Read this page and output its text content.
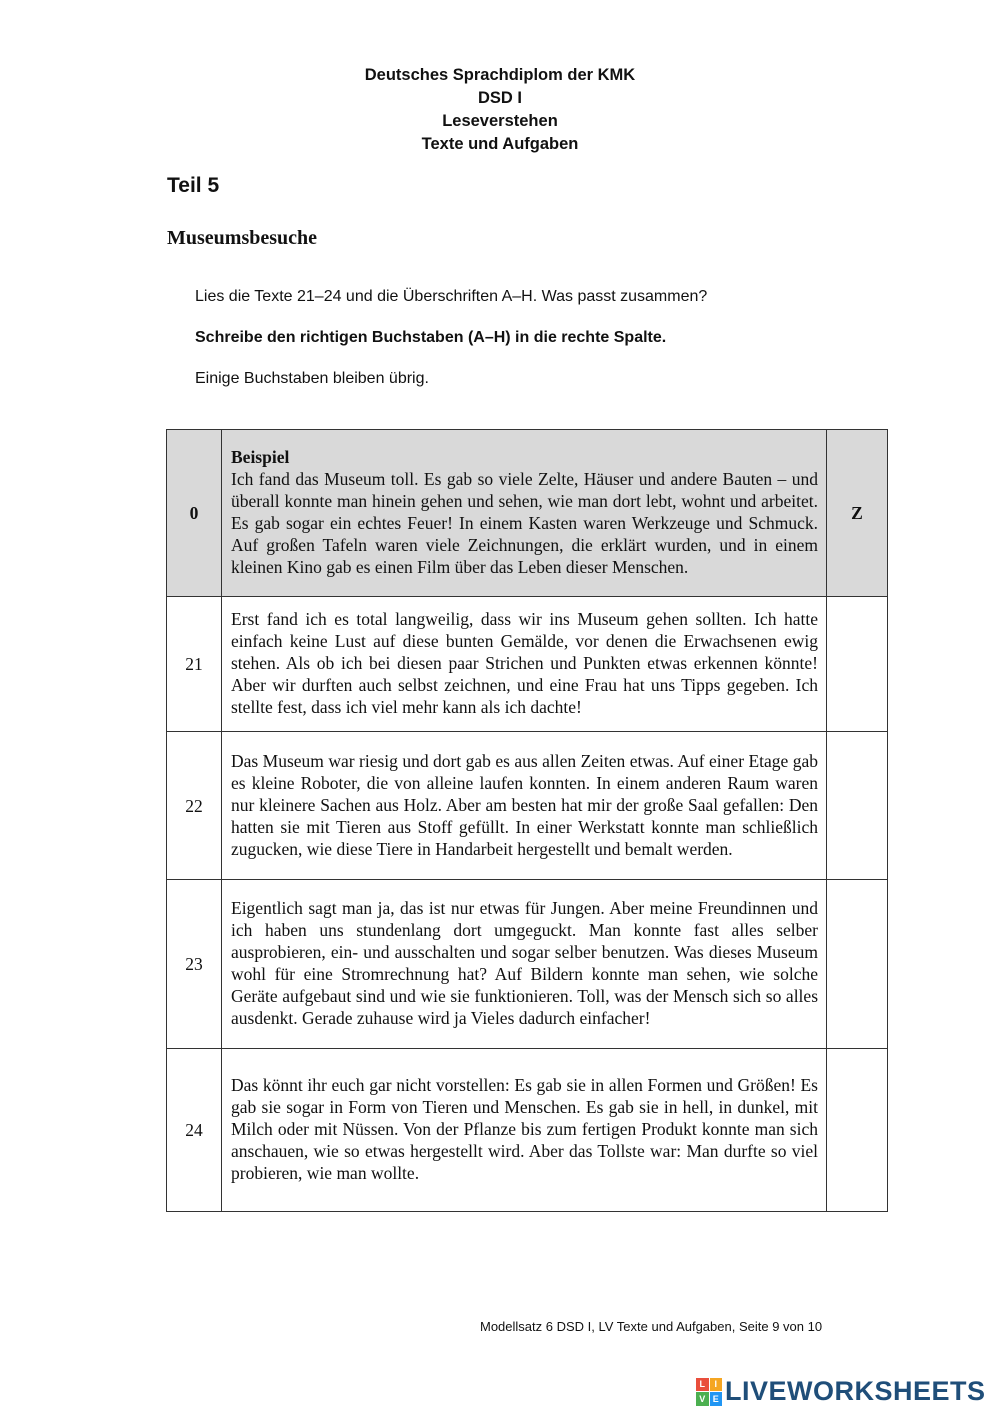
Deutsches Sprachdiplom der KMK
DSD I
Leseverstehen
Texte und Aufgaben
Teil 5
Museumsbesuche
Lies die Texte 21–24 und die Überschriften A–H. Was passt zusammen?
Schreibe den richtigen Buchstaben (A–H) in die rechte Spalte.
Einige Buchstaben bleiben übrig.
0	Beispiel
Ich fand das Museum toll. Es gab so viele Zelte, Häuser und andere Bauten – und überall konnte man hinein gehen und sehen, wie man dort lebt, wohnt und arbeitet. Es gab sogar ein echtes Feuer! In einem Kasten waren Werkzeuge und Schmuck. Auf großen Tafeln waren viele Zeichnungen, die erklärt wurden, und in einem kleinen Kino gab es einen Film über das Leben dieser Menschen.	Z
21	Erst fand ich es total langweilig, dass wir ins Museum gehen sollten. Ich hatte einfach keine Lust auf diese bunten Gemälde, vor denen die Erwachsenen ewig stehen. Als ob ich bei diesen paar Strichen und Punkten etwas erkennen könnte! Aber wir durften auch selbst zeichnen, und eine Frau hat uns Tipps gegeben. Ich stellte fest, dass ich viel mehr kann als ich dachte!	
22	Das Museum war riesig und dort gab es aus allen Zeiten etwas. Auf einer Etage gab es kleine Roboter, die von alleine laufen konnten. In einem anderen Raum waren nur kleinere Sachen aus Holz. Aber am besten hat mir der große Saal gefallen: Den hatten sie mit Tieren aus Stoff gefüllt. In einer Werkstatt konnte man schließlich zugucken, wie diese Tiere in Handarbeit hergestellt und bemalt werden.	
23	Eigentlich sagt man ja, das ist nur etwas für Jungen. Aber meine Freundinnen und ich haben uns stundenlang dort umgeguckt. Man konnte fast alles selber ausprobieren, ein- und ausschalten und sogar selber benutzen. Was dieses Museum wohl für eine Stromrechnung hat? Auf Bildern konnte man sehen, wie solche Geräte aufgebaut sind und wie sie funktionieren. Toll, was der Mensch sich so alles ausdenkt. Gerade zuhause wird ja Vieles dadurch einfacher!	
24	Das könnt ihr euch gar nicht vorstellen: Es gab sie in allen Formen und Größen! Es gab sie sogar in Form von Tieren und Menschen. Es gab sie in hell, in dunkel, mit Milch oder mit Nüssen. Von der Pflanze bis zum fertigen Produkt konnte man sich anschauen, wie so etwas hergestellt wird. Aber das Tollste war: Man durfte so viel probieren, wie man wollte.	
Modellsatz 6 DSD I, LV Texte und Aufgaben, Seite 9 von 10
L	I
V E LIVEWORKSHEETS
